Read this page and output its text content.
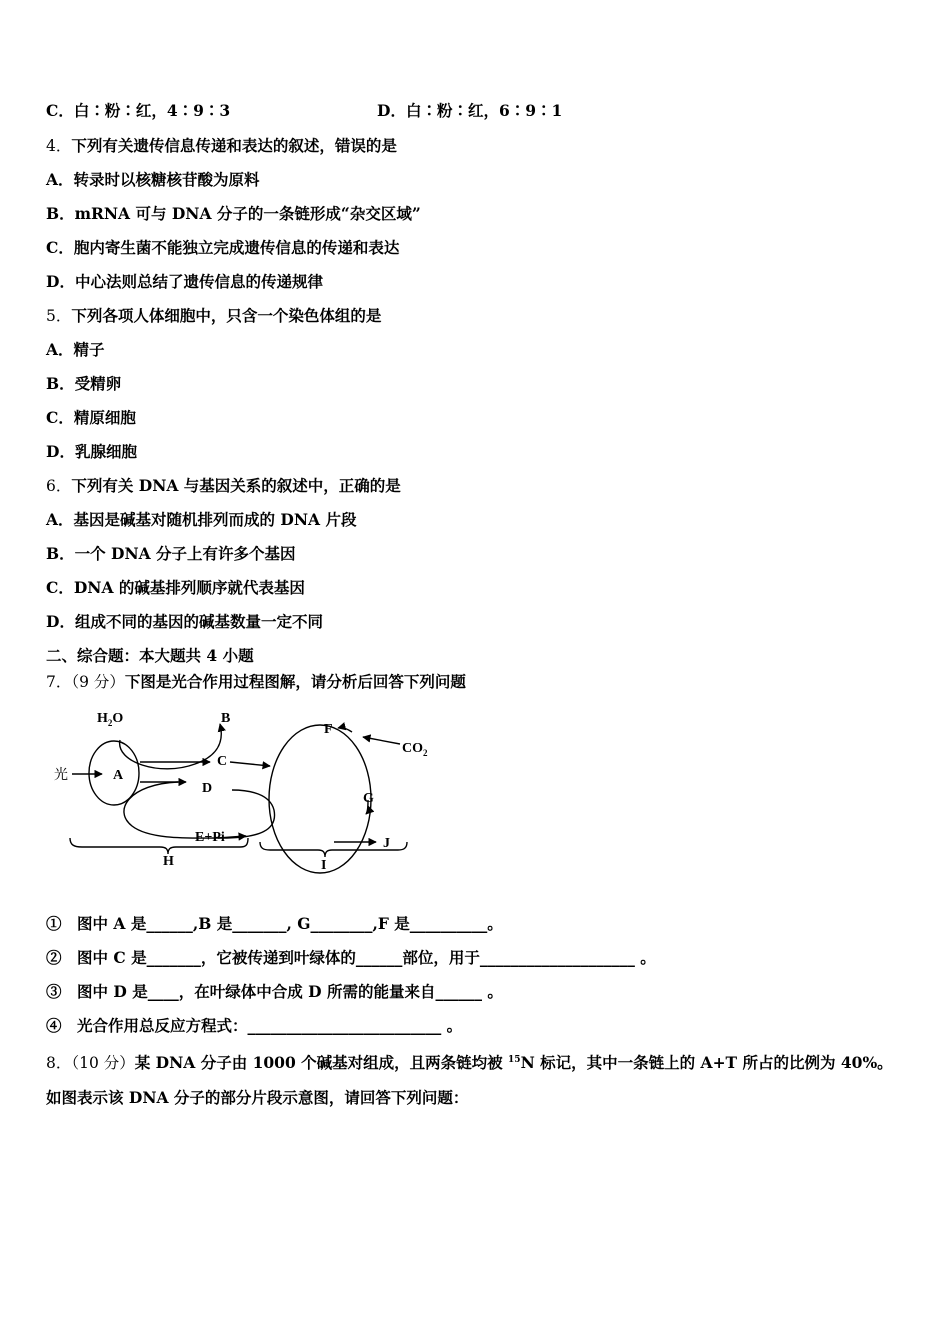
C．白∶粉∶红，4∶9∶3	D．白∶粉∶红，6∶9∶1
4．下列有关遗传信息传递和表达的叙述，错误的是
A．转录时以核糖核苷酸为原料
B．mRNA 可与 DNA 分子的一条链形成“杂交区域”
C．胞内寄生菌不能独立完成遗传信息的传递和表达
D．中心法则总结了遗传信息的传递规律
5．下列各项人体细胞中，只含一个染色体组的是
A．精子
B．受精卵
C．精原细胞
D．乳腺细胞
6．下列有关 DNA 与基因关系的叙述中，正确的是
A．基因是碱基对随机排列而成的 DNA 片段
B．一个 DNA 分子上有许多个基因
C．DNA 的碱基排列顺序就代表基因
D．组成不同的基因的碱基数量一定不同
二、综合题：本大题共 4 小题
7．（9 分）下图是光合作用过程图解，请分析后回答下列问题
光	A
$H_2O$	B
C
D
E+Pi
F
$CO_2$
G
J
H	I
①　图中 A 是______,B 是_______, G________,F 是__________。
②　图中 C 是_______，它被传递到叶绿体的______部位，用于____________________ 。
③　图中 D 是____，在叶绿体中合成 D 所需的能量来自______ 。
④　光合作用总反应方程式：_________________________ 。
8．（10 分）某 DNA 分子由 1000 个碱基对组成，且两条链均被 $^{15}$N 标记，其中一条链上的 A+T 所占的比例为 40%。
如图表示该 DNA 分子的部分片段示意图，请回答下列问题：
